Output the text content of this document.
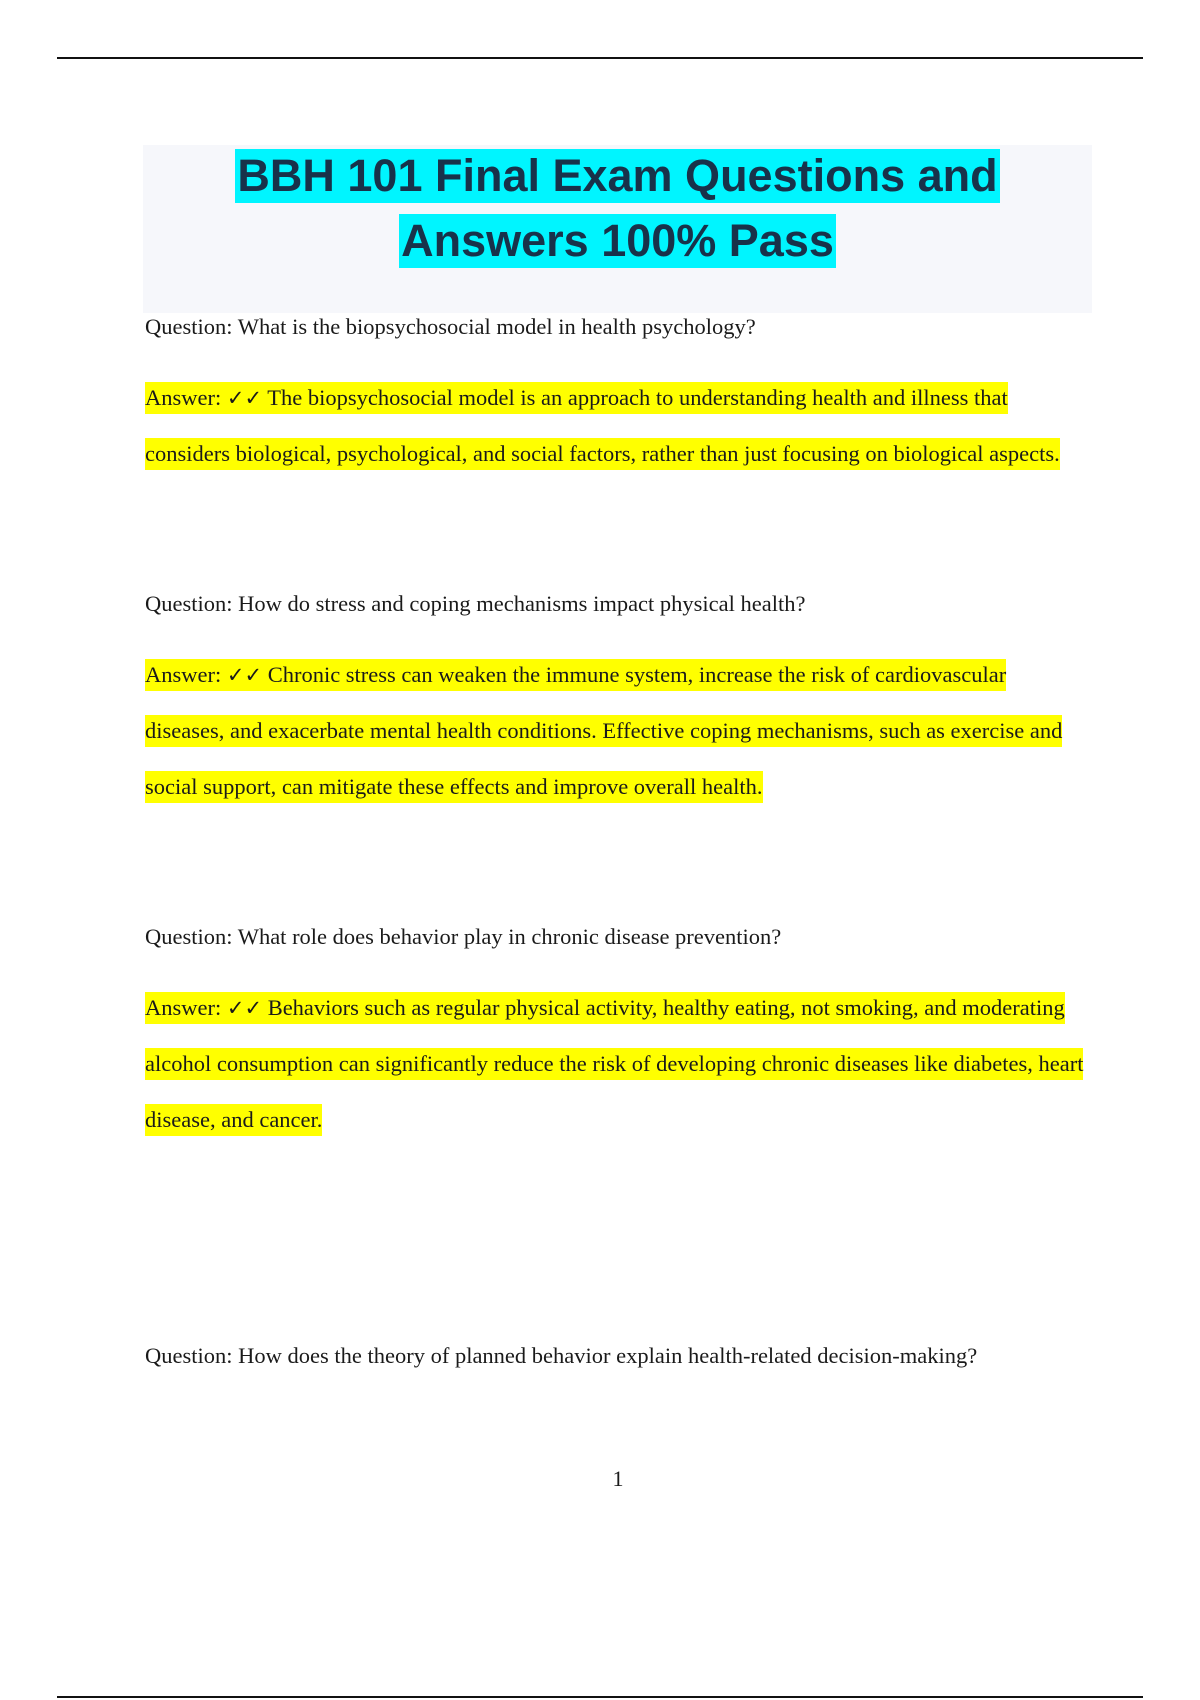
BBH 101 Final Exam Questions and

Answers 100% Pass

Question: What is the biopsychosocial model in health psychology?

Answer: ✓✓ The biopsychosocial model is an approach to understanding health and illness that considers biological, psychological, and social factors, rather than just focusing on biological aspects.

Question: How do stress and coping mechanisms impact physical health?

Answer: ✓✓ Chronic stress can weaken the immune system, increase the risk of cardiovascular diseases, and exacerbate mental health conditions. Effective coping mechanisms, such as exercise and social support, can mitigate these effects and improve overall health.

Question: What role does behavior play in chronic disease prevention?

Answer: ✓✓ Behaviors such as regular physical activity, healthy eating, not smoking, and moderating alcohol consumption can significantly reduce the risk of developing chronic diseases like diabetes, heart disease, and cancer.

Question: How does the theory of planned behavior explain health-related decision-making?

1
